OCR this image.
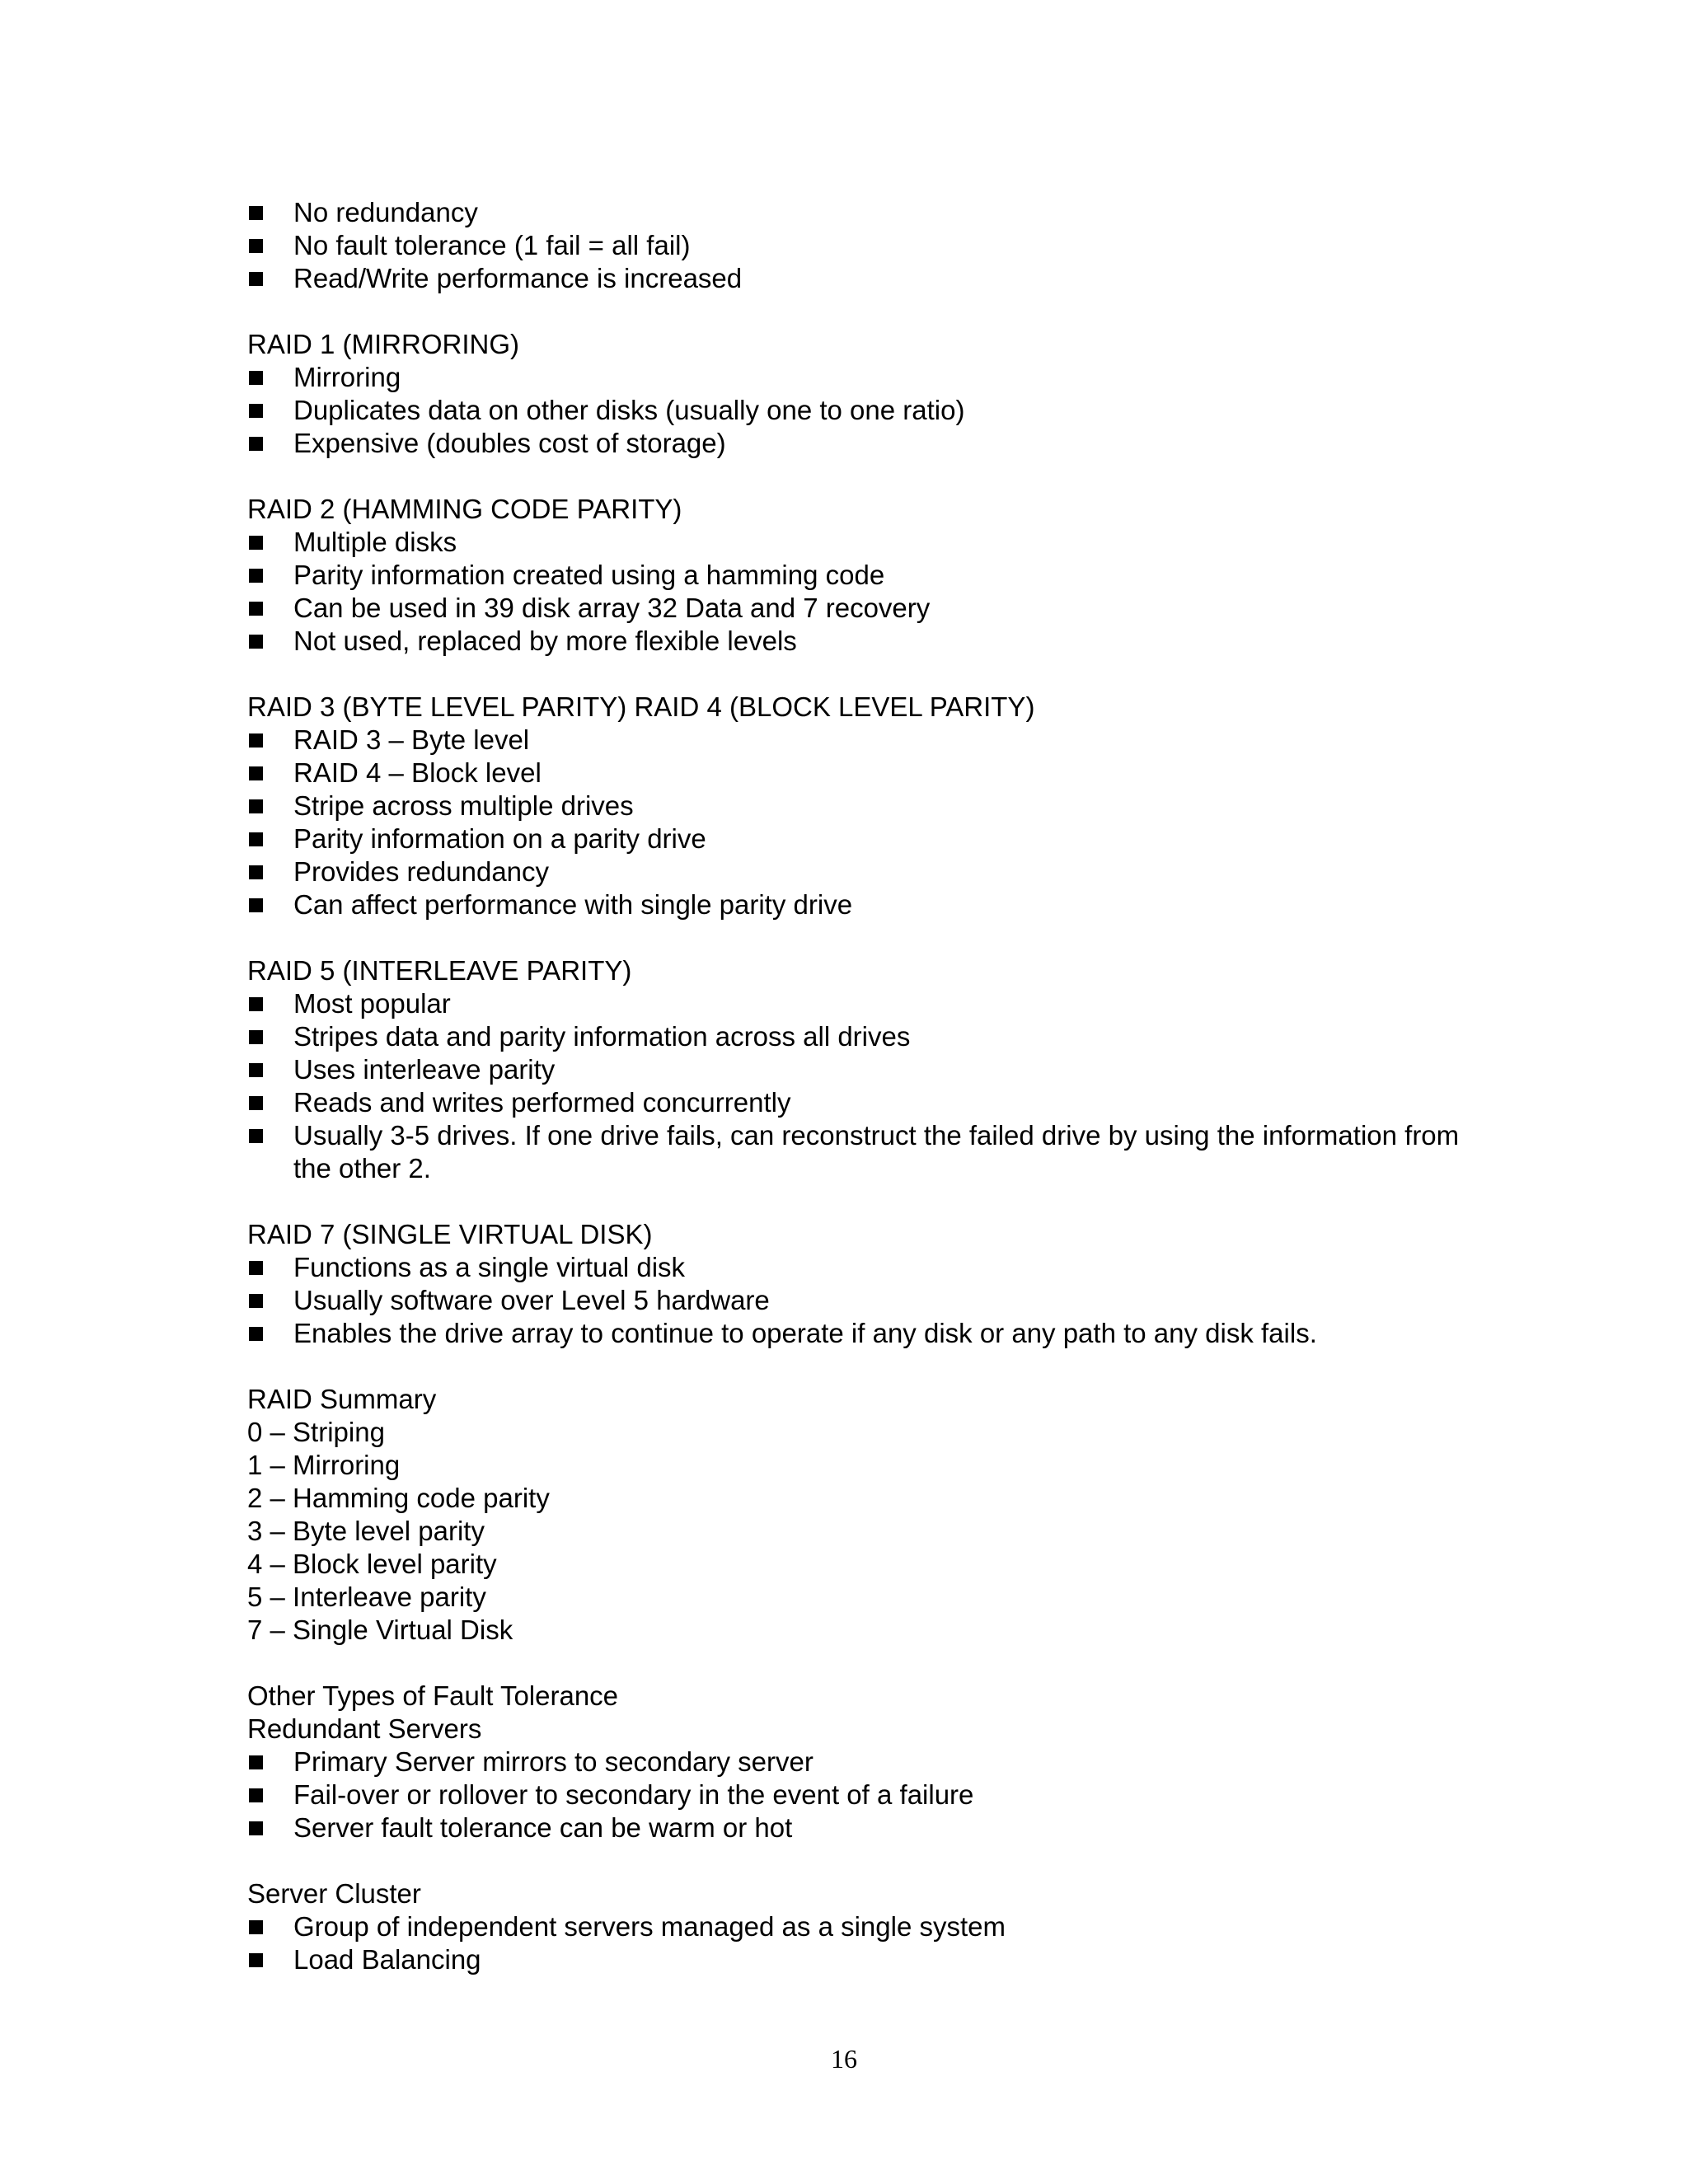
No redundancy
No fault tolerance (1 fail = all fail)
Read/Write performance is increased
RAID 1 (MIRRORING)
Mirroring
Duplicates data on other disks (usually one to one ratio)
Expensive (doubles cost of storage)
RAID 2 (HAMMING CODE PARITY)
Multiple disks
Parity information created using a hamming code
Can be used in 39 disk array 32 Data and 7 recovery
Not used, replaced by more flexible levels
RAID 3 (BYTE LEVEL PARITY) RAID 4 (BLOCK LEVEL PARITY)
RAID 3 – Byte level
RAID 4 – Block level
Stripe across multiple drives
Parity information on a parity drive
Provides redundancy
Can affect performance with single parity drive
RAID 5 (INTERLEAVE PARITY)
Most popular
Stripes data and parity information across all drives
Uses interleave parity
Reads and writes performed concurrently
Usually 3-5 drives. If one drive fails, can reconstruct the failed drive by using the information from the other 2.
RAID 7 (SINGLE VIRTUAL DISK)
Functions as a single virtual disk
Usually software over Level 5 hardware
Enables the drive array to continue to operate if any disk or any path to any disk fails.
RAID Summary
0 – Striping
1 – Mirroring
2 – Hamming code parity
3 – Byte level parity
4 – Block level parity
5 – Interleave parity
7 – Single Virtual Disk
Other Types of Fault Tolerance
Redundant Servers
Primary Server mirrors to secondary server
Fail-over or rollover to secondary in the event of a failure
Server fault tolerance can be warm or hot
Server Cluster
Group of independent servers managed as a single system
Load Balancing
16
